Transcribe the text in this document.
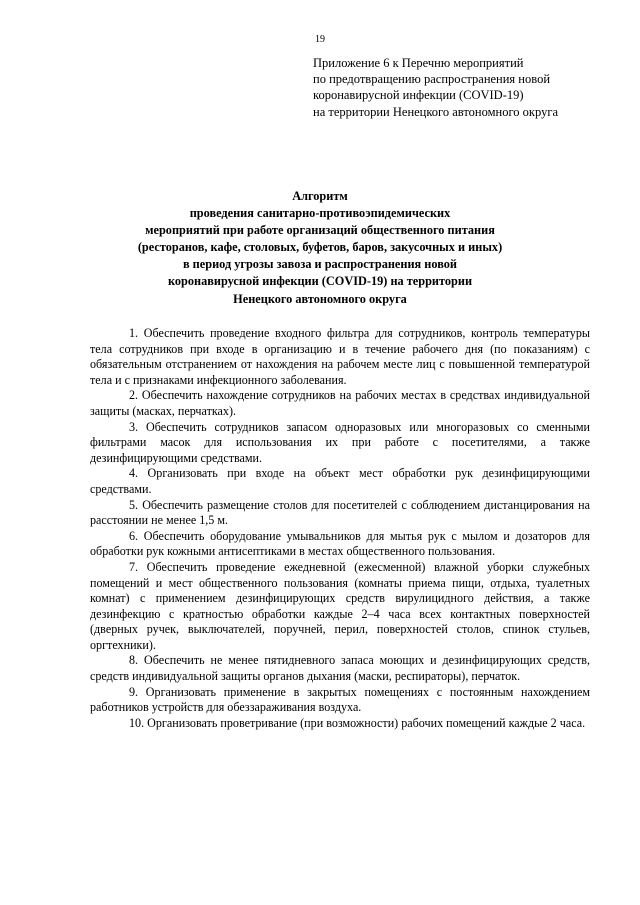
19
Приложение 6 к Перечню мероприятий
по предотвращению распространения новой
коронавирусной инфекции (COVID-19)
на территории Ненецкого автономного округа
Алгоритм
проведения санитарно-противоэпидемических
мероприятий при работе организаций общественного питания
(ресторанов, кафе, столовых, буфетов, баров, закусочных и иных)
в период угрозы завоза и распространения новой
коронавирусной инфекции (COVID-19) на территории
Ненецкого автономного округа

1. Обеспечить проведение входного фильтра для сотрудников, контроль температуры тела сотрудников при входе в организацию и в течение рабочего дня (по показаниям) с обязательным отстранением от нахождения на рабочем месте лиц с повышенной температурой тела и с признаками инфекционного заболевания.

2. Обеспечить нахождение сотрудников на рабочих местах в средствах индивидуальной защиты (масках, перчатках).

3. Обеспечить сотрудников запасом одноразовых или многоразовых со сменными фильтрами масок для использования их при работе с посетителями, а также дезинфицирующими средствами.

4. Организовать при входе на объект мест обработки рук дезинфицирующими средствами.

5. Обеспечить размещение столов для посетителей с соблюдением дистанцирования на расстоянии не менее 1,5 м.

6. Обеспечить оборудование умывальников для мытья рук с мылом и дозаторов для обработки рук кожными антисептиками в местах общественного пользования.

7. Обеспечить проведение ежедневной (ежесменной) влажной уборки служебных помещений и мест общественного пользования (комнаты приема пищи, отдыха, туалетных комнат) с применением дезинфицирующих средств вирулицидного действия, а также дезинфекцию с кратностью обработки каждые 2–4 часа всех контактных поверхностей (дверных ручек, выключателей, поручней, перил, поверхностей столов, спинок стульев, оргтехники).

8. Обеспечить не менее пятидневного запаса моющих и дезинфицирующих средств, средств индивидуальной защиты органов дыхания (маски, респираторы), перчаток.

9. Организовать применение в закрытых помещениях с постоянным нахождением работников устройств для обеззараживания воздуха.

10. Организовать проветривание (при возможности) рабочих помещений каждые 2 часа.
